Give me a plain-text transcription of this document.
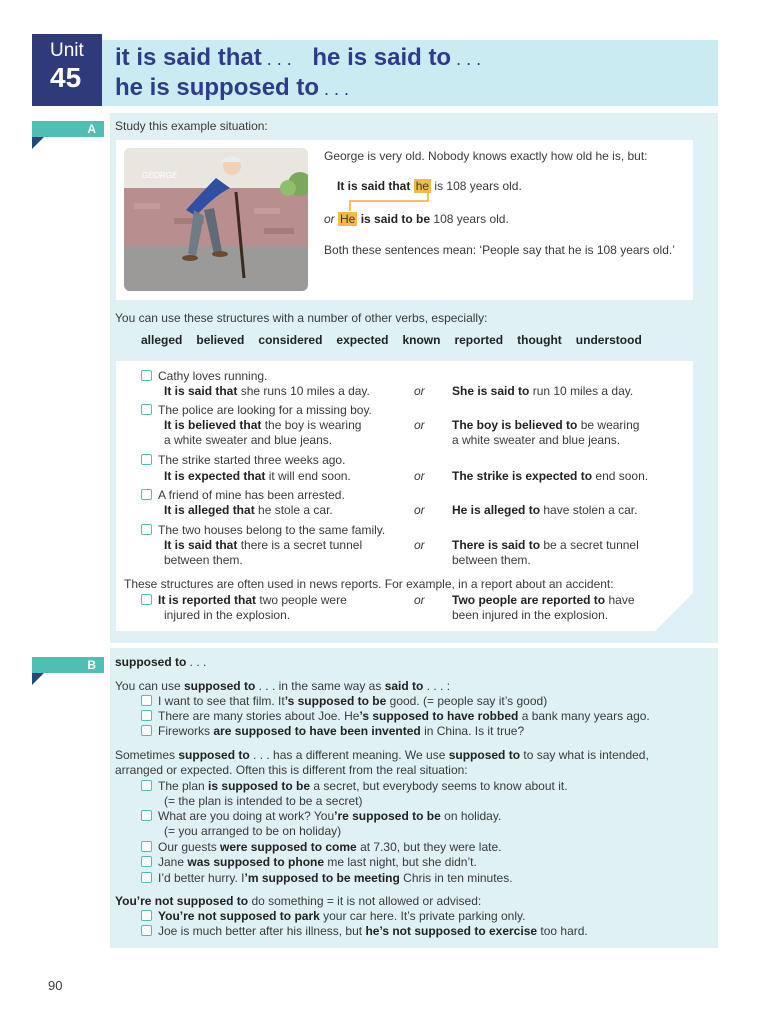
Unit
45
it is said that . . . he is said to . . .
he is supposed to . . .
A Study this example situation:
GEORGE
George is very old. Nobody knows exactly how old he is, but:
It is said that he is 108 years old.
or He is said to be 108 years old.
Both these sentences mean: ‘People say that he is 108 years old.’
You can use these structures with a number of other verbs, especially:
alleged believed considered expected known reported thought understood
Cathy loves running.
It is said that she runs 10 miles a day.	or She is said to run 10 miles a day.
The police are looking for a missing boy.
It is believed that the boy is wearing
a white sweater and blue jeans.
or The boy is believed to be wearing
a white sweater and blue jeans.
The strike started three weeks ago.
It is expected that it will end soon.	or The strike is expected to end soon.
A friend of mine has been arrested.
It is alleged that he stole a car.	or He is alleged to have stolen a car.
The two houses belong to the same family.
It is said that there is a secret tunnel
between them.
or There is said to be a secret tunnel
between them.
These structures are often used in news reports. For example, in a report about an accident:
It is reported that two people were
injured in the explosion.
or Two people are reported to have
been injured in the explosion.
B supposed to . . .
You can use supposed to . . . in the same way as said to . . . :
I want to see that film. It’s supposed to be good. (= people say it’s good)
There are many stories about Joe. He’s supposed to have robbed a bank many years ago.
Fireworks are supposed to have been invented in China. Is it true?
Sometimes supposed to . . . has a different meaning. We use supposed to to say what is intended,
arranged or expected. Often this is different from the real situation:
The plan is supposed to be a secret, but everybody seems to know about it.
(= the plan is intended to be a secret)
What are you doing at work? You’re supposed to be on holiday.
(= you arranged to be on holiday)
Our guests were supposed to come at 7.30, but they were late.
Jane was supposed to phone me last night, but she didn’t.
I’d better hurry. I’m supposed to be meeting Chris in ten minutes.
You’re not supposed to do something = it is not allowed or advised:
You’re not supposed to park your car here. It’s private parking only.
Joe is much better after his illness, but he’s not supposed to exercise too hard.
90
